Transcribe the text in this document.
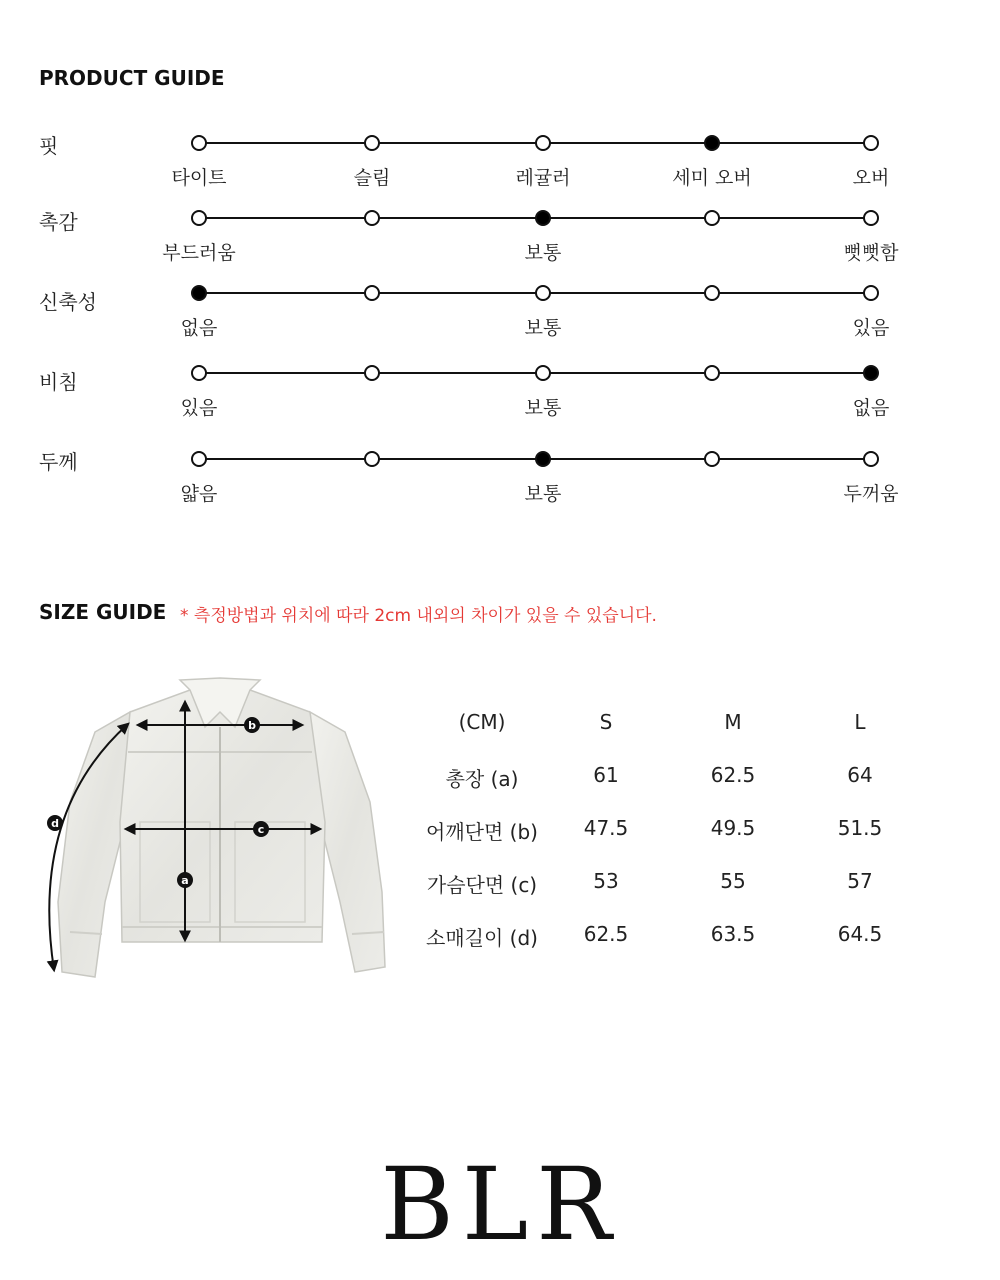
PRODUCT GUIDE
핏
타이트	슬림	레귤러	세미 오버	오버
촉감
부드러움	보통	뻣뻣함
신축성
없음	보통	있음
비침
있음	보통	없음
두께
얇음	보통	두꺼움
SIZE GUIDE * 측정방법과 위치에 따라 2cm 내외의 차이가 있을 수 있습니다.
a
b
c
d
(CM)	S	M	L
총장 (a)	61	62.5	64
어깨단면 (b) 47.5	49.5	51.5
가슴단면 (c)	53	55	57
소매길이 (d) 62.5	63.5	64.5
BLR
